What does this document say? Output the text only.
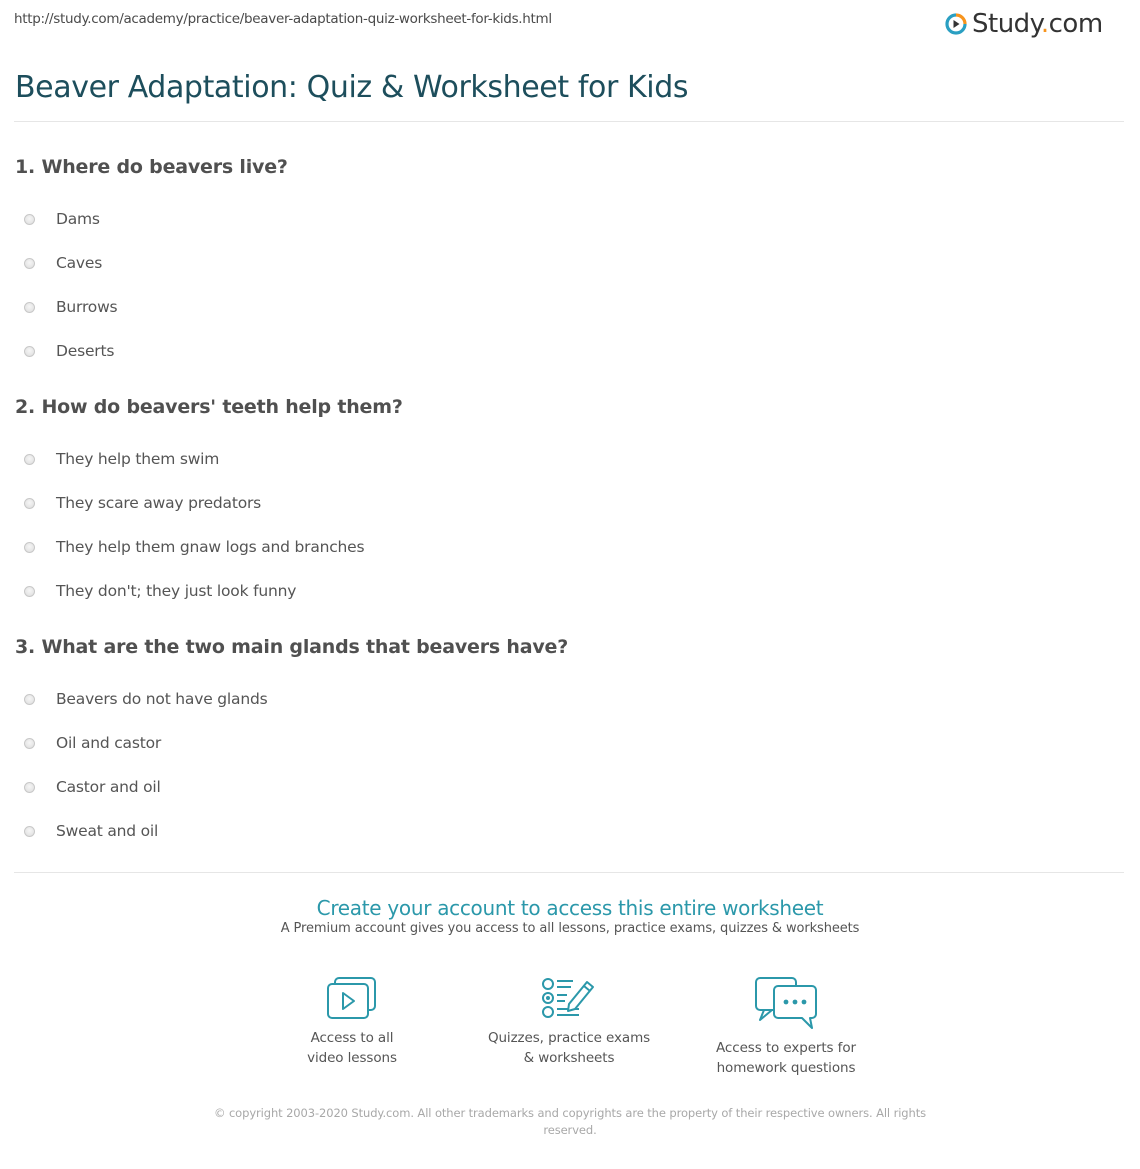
http://study.com/academy/practice/beaver-adaptation-quiz-worksheet-for-kids.html	Study.com
Beaver Adaptation: Quiz & Worksheet for Kids
1. Where do beavers live?
Dams
Caves
Burrows
Deserts
2. How do beavers' teeth help them?
They help them swim
They scare away predators
They help them gnaw logs and branches
They don't; they just look funny
3. What are the two main glands that beavers have?
Beavers do not have glands
Oil and castor
Castor and oil
Sweat and oil
Create your account to access this entire worksheet
A Premium account gives you access to all lessons, practice exams, quizzes & worksheets
Access to all
video lessons
Quizzes, practice exams
& worksheets
Access to experts for
homework questions
© copyright 2003-2020 Study.com. All other trademarks and copyrights are the property of their respective owners. All rights reserved.
